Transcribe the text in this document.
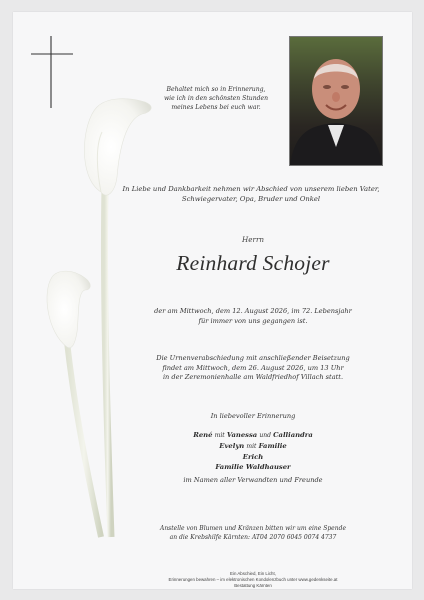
Behaltet mich so in Erinnerung,
wie ich in den schönsten Stunden
meines Lebens bei euch war.
In Liebe und Dankbarkeit nehmen wir Abschied von unserem lieben Vater,
Schwiegervater, Opa, Bruder und Onkel
Herrn
Reinhard Schojer
der am Mittwoch, dem 12. August 2026, im 72. Lebensjahr
für immer von uns gegangen ist.
Die Urnenverabschiedung mit anschließender Beisetzung
findet am Mittwoch, dem 26. August 2026, um 13 Uhr
in der Zeremonienhalle am Waldfriedhof Villach statt.
In liebevoller Erinnerung
René mit Vanessa und Calliandra
Evelyn mit Familie
Erich
Familie Waldhauser
im Namen aller Verwandten und Freunde
Anstelle von Blumen und Kränzen bitten wir um eine Spende
an die Krebshilfe Kärnten: AT04 2070 6045 0074 4737
Ein Abschied, Ein Licht,
Erinnerungen bewahren – im elektronischen Kondolenzbuch unter www.gedenkseite.at
Bestattung Kärnten
